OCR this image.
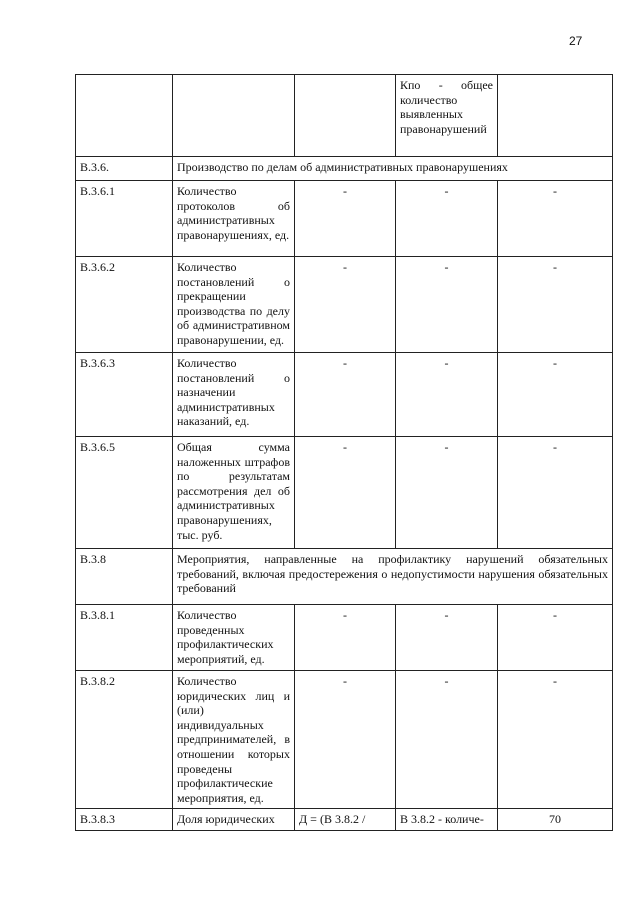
27
			Кпо - общее количество выявленных правонарушений	
В.3.6.	Производство по делам об административных правонарушениях			
В.3.6.1	Количество протоколов об административных правонарушениях, ед.	-	-	-
В.3.6.2	Количество постановлений о прекращении производства по делу об административном правонарушении, ед.	-	-	-
В.3.6.3	Количество постановлений о назначении административных наказаний, ед.	-	-	-
В.3.6.5	Общая сумма наложенных штрафов по результатам рассмотрения дел об административных правонарушениях, тыс. руб.	-	-	-
В.3.8	Мероприятия, направленные на профилактику нарушений обязательных требований, включая предостережения о недопустимости нарушения обязательных требований			
В.3.8.1	Количество проведенных профилактических мероприятий, ед.	-	-	-
В.3.8.2	Количество юридических лиц и (или) индивидуальных предпринимателей, в отношении которых проведены профилактические мероприятия, ед.	-	-	-
В.3.8.3	Доля юридических	Д = (В 3.8.2 /	В 3.8.2 - количе-	70
